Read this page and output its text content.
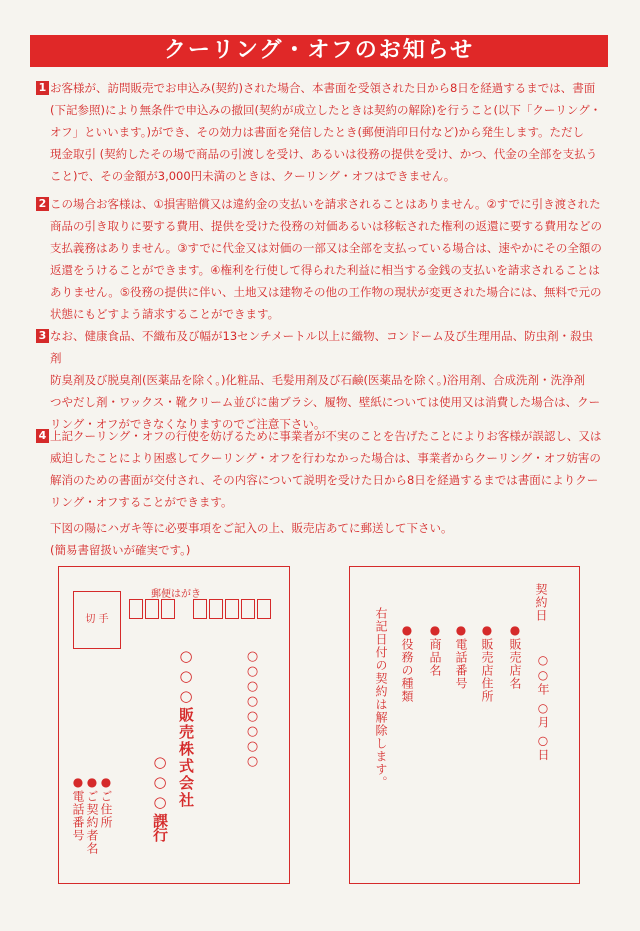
クーリング・オフのお知らせ
1 お客様が、訪問販売でお申込み(契約)された場合、本書面を受領された日から8日を経過するまでは、書面

(下記参照)により無条件で申込みの撤回(契約が成立したときは契約の解除)を行うこと(以下「クーリング・

オフ」といいます。)ができ、その効力は書面を発信したとき(郵便消印日付など)から発生します。ただし

現金取引 (契約したその場で商品の引渡しを受け、あるいは役務の提供を受け、かつ、代金の全部を支払う

こと)で、その金額が3,000円未満のときは、クーリング・オフはできません。

2 この場合お客様は、①損害賠償又は違約金の支払いを請求されることはありません。②すでに引き渡された

商品の引き取りに要する費用、提供を受けた役務の対価あるいは移転された権利の返還に要する費用などの

支払義務はありません。③すでに代金又は対価の一部又は全部を支払っている場合は、速やかにその全額の

返還をうけることができます。④権利を行使して得られた利益に相当する金銭の支払いを請求されることは

ありません。⑤役務の提供に伴い、土地又は建物その他の工作物の現状が変更された場合には、無料で元の

状態にもどすよう請求することができます。

3 なお、健康食品、不織布及び幅が13センチメートル以上に織物、コンドーム及び生理用品、防虫剤・殺虫剤

防臭剤及び脱臭剤(医薬品を除く。)化粧品、毛髪用剤及び石鹸(医薬品を除く。)浴用剤、合成洗剤・洗浄剤

つやだし剤・ワックス・靴クリーム並びに歯ブラシ、履物、壁紙については使用又は消費した場合は、クー

リング・オフができなくなりますのでご注意下さい。

4 上記クーリング・オフの行使を妨げるために事業者が不実のことを告げたことによりお客様が誤認し、又は

威迫したことにより困惑してクーリング・オフを行わなかった場合は、事業者からクーリング・オフ妨害の

解消のための書面が交付され、その内容について説明を受けた日から8日を経過するまでは書面によりクー

リング・オフすることができます。

下図の陽にハガキ等に必要事項をご記入の上、販売店あてに郵送して下さい。

(簡易書留扱いが確実です。)

切 手
郵便はがき
○○○○○○○○
○○○販売株式会社
○○○課
行
● ご住所
● ご契約者名
● 電話番号
契約日
○○年 ○月 ○日
● 販売店名
● 販売店住所
● 電話番号
● 商品名
● 役務の種類
右記日付の契約は解除します。
